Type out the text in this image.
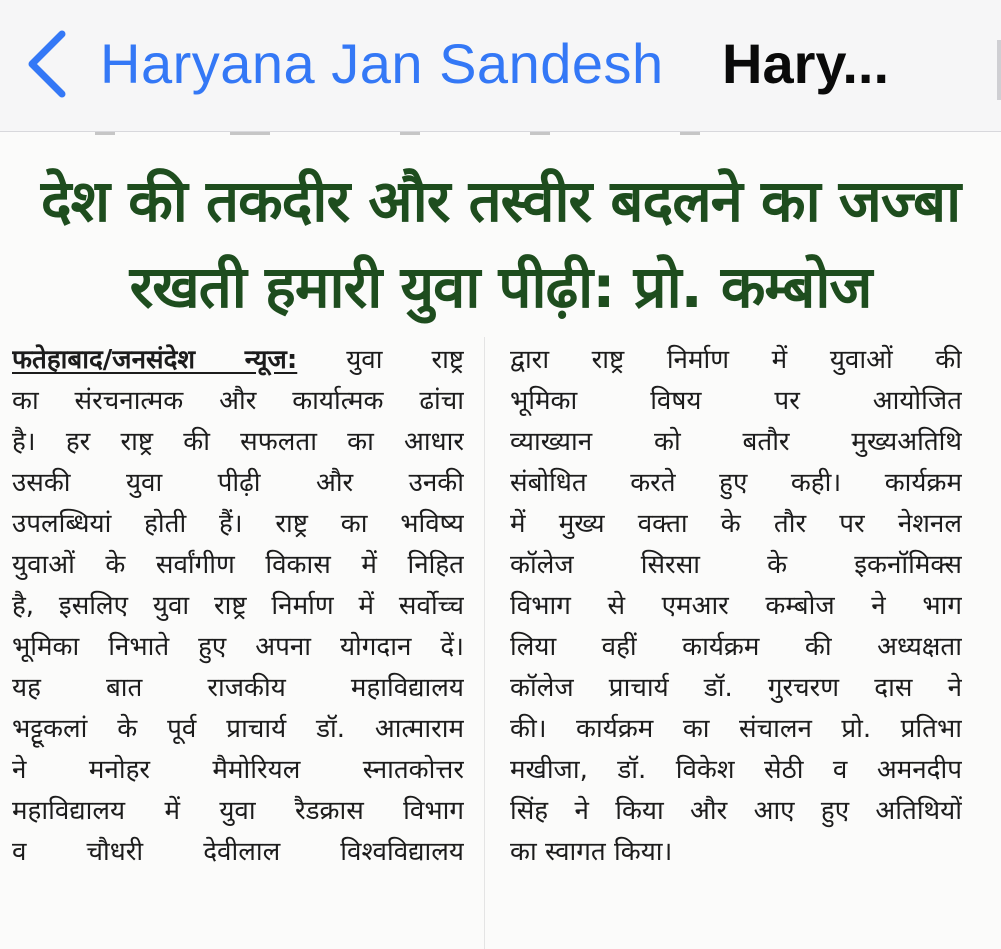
Haryana Jan Sandesh Hary...
देश की तकदीर और तस्वीर बदलने का जज्बा
रखती हमारी युवा पीढ़ी: प्रो. कम्बोज
फतेहाबाद/जनसंदेश न्यूज: युवा राष्ट्र
का संरचनात्मक और कार्यात्मक ढांचा
है। हर राष्ट्र की सफलता का आधार
उसकी युवा पीढ़ी और उनकी
उपलब्धियां होती हैं। राष्ट्र का भविष्य
युवाओं के सर्वांगीण विकास में निहित
है, इसलिए युवा राष्ट्र निर्माण में सर्वोच्च
भूमिका निभाते हुए अपना योगदान दें।
यह बात राजकीय महाविद्यालय
भट्टूकलां के पूर्व प्राचार्य डॉ. आत्माराम
ने मनोहर मैमोरियल स्नातकोत्तर
महाविद्यालय में युवा रैडक्रास विभाग
व चौधरी देवीलाल विश्वविद्यालय
द्वारा राष्ट्र निर्माण में युवाओं की
भूमिका विषय पर आयोजित
व्याख्यान को बतौर मुख्यअतिथि
संबोधित करते हुए कही। कार्यक्रम
में मुख्य वक्ता के तौर पर नेशनल
कॉलेज सिरसा के इकनॉमिक्स
विभाग से एमआर कम्बोज ने भाग
लिया वहीं कार्यक्रम की अध्यक्षता
कॉलेज प्राचार्य डॉ. गुरचरण दास ने
की। कार्यक्रम का संचालन प्रो. प्रतिभा
मखीजा, डॉ. विकेश सेठी व अमनदीप
सिंह ने किया और आए हुए अतिथियों
का स्वागत किया।
